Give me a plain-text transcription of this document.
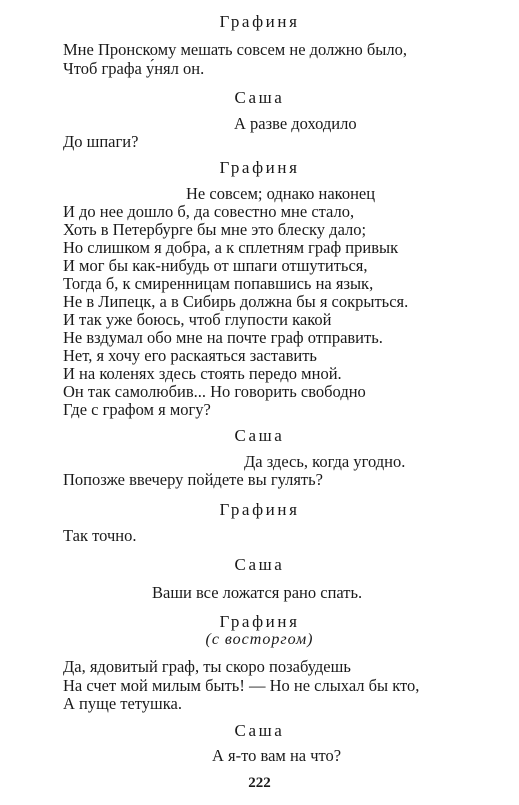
Графиня
Мне Пронскому мешать совсем не должно было,
Чтоб графа у́нял он.
Саша
А разве доходило
До шпаги?
Графиня
Не совсем; однако наконец
И до нее дошло б, да совестно мне стало,
Хоть в Петербурге бы мне это блеску дало;
Но слишком я добра, а к сплетням граф привык
И мог бы как-нибудь от шпаги отшутиться,
Тогда б, к смиренницам попавшись на язык,
Не в Липецк, а в Сибирь должна бы я сокрыться.
И так уже боюсь, чтоб глупости какой
Не вздумал обо мне на почте граф отправить.
Нет, я хочу его раскаяться заставить
И на коленях здесь стоять передо мной.
Он так самолюбив... Но говорить свободно
Где с графом я могу?
Саша
Да здесь, когда угодно.
Попозже ввечеру пойдете вы гулять?
Графиня
Так точно.
Саша
Ваши все ложатся рано спать.
Графиня
(с восторгом)
Да, ядовитый граф, ты скоро позабудешь
На счет мой милым быть! — Но не слыхал бы кто,
А пуще тетушка.
Саша
А я-то вам на что?
222
